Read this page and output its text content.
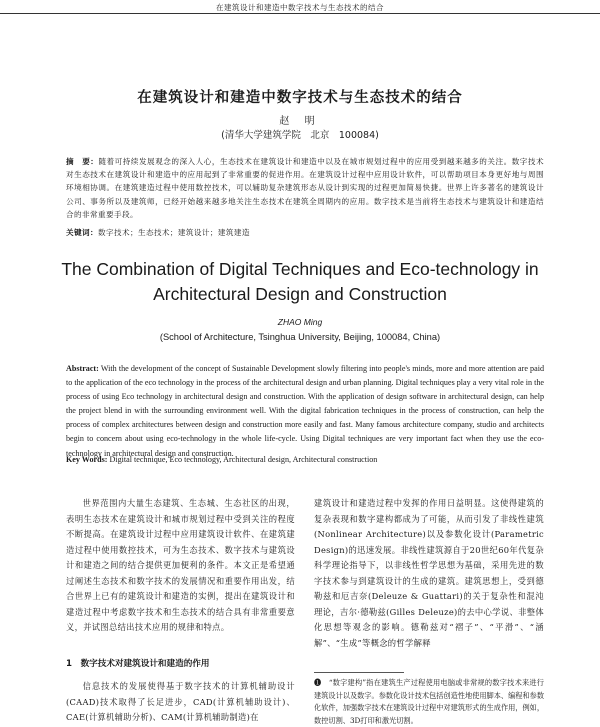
在建筑设计和建造中数字技术与生态技术的结合
在建筑设计和建造中数字技术与生态技术的结合
赵 明
(清华大学建筑学院　北京　100084)
摘　要：随着可持续发展观念的深入人心，生态技术在建筑设计和建造中以及在城市规划过程中的应用受到越来越多的关注。数字技术对生态技术在建筑设计和建造中的应用起到了非常重要的促进作用。在建筑设计过程中应用设计软件，可以帮助项目本身更好地与周围环境相协调。在建筑建造过程中使用数控技术，可以辅助复杂建筑形态从设计到实现的过程更加简易快捷。世界上许多著名的建筑设计公司、事务所以及建筑师，已经开始越来越多地关注生态技术在建筑全周期内的应用。数字技术是当前将生态技术与建筑设计和建造结合的非常重要手段。
关键词：数字技术；生态技术；建筑设计；建筑建造
The Combination of Digital Techniques and Eco-technology in Architectural Design and Construction
ZHAO Ming
(School of Architecture, Tsinghua University, Beijing, 100084, China)
Abstract: With the development of the concept of Sustainable Development slowly filtering into people's minds, more and more attention are paid to the application of the eco technology in the process of the architectural design and urban planning. Digital techniques play a very vital role in the process of using Eco technology in architectural design and construction. With the application of design software in architectural design, can help the project blend in with the surrounding environment well. With the digital fabrication techniques in the process of construction, can help the process of complex architectures between design and construction more easily and fast. Many famous architecture company, studio and architects begin to concern about using eco-technology in the whole life-cycle. Using Digital techniques are very important fact when they use the eco-technology in architectural design and construction.
Key Words: Digital technique, Eco technology, Architectural design, Architectural construction

世界范围内大量生态建筑、生态城、生态社区的出现，表明生态技术在建筑设计和城市规划过程中受到关注的程度不断提高。在建筑设计过程中应用建筑设计软件、在建筑建造过程中使用数控技术，可为生态技术、数字技术与建筑设计和建造之间的结合提供更加便利的条件。本文正是希望通过阐述生态技术和数字技术的发展情况和重要作用出发，结合世界上已有的建筑设计和建造的实例，提出在建筑设计和建造过程中考虑数字技术和生态技术的结合具有非常重要意义，并试图总结出技术应用的规律和特点。

1　数字技术对建筑设计和建造的作用

信息技术的发展使得基于数字技术的计算机辅助设计(CAAD)技术取得了长足进步，CAD(计算机辅助设计)、CAE(计算机辅助分析)、CAM(计算机辅助制造)在

建筑设计和建造过程中发挥的作用日益明显。这使得建筑的复杂表现和数字建构都成为了可能，从而引发了非线性建筑(Nonlinear Architecture)以及参数化设计(Parametric Design)的迅速发展。非线性建筑源自于20世纪60年代复杂科学理论指导下，以非线性哲学思想为基础，采用先进的数字技术参与到建筑设计的生成的建筑。建筑思想上，受到德勒兹和厄吉奈(Deleuze & Guattari)的关于复杂性和混沌理论，吉尔·德勒兹(Gilles Deleuze)的去中心学说、非整体化思想等观念的影响。德勒兹对“褶子”、“平滑”、“涵解”、“生成”等概念的哲学解释

❶　“数字建构”指在建筑生产过程使用电脑或非常规的数字技术来进行建筑设计以及数字。参数化设计技术包括创造性地使用脚本、编程和参数化软件，加强数字技术在建筑设计过程中对建筑形式的生成作用，例如，数控切割、3D打印和激光切割。
